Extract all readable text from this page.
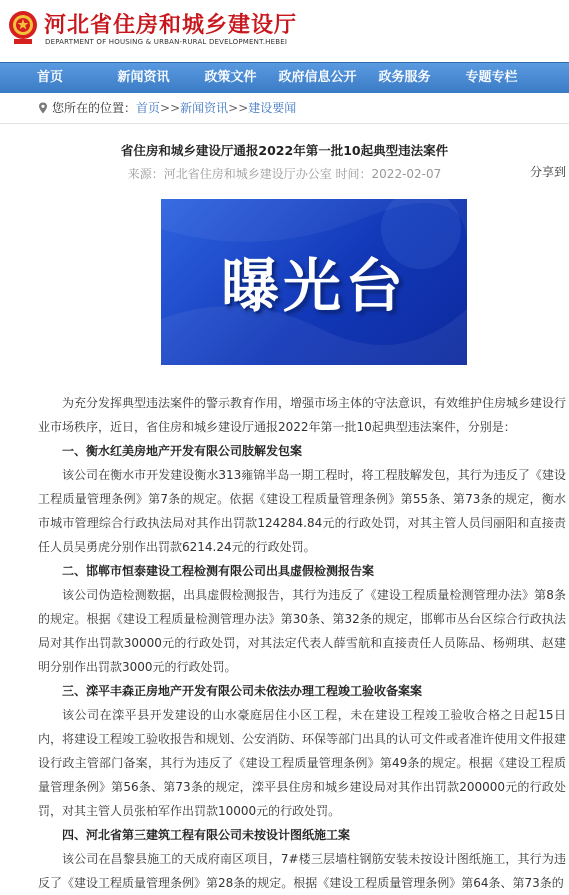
河北省住房和城乡建设厅
DEPARTMENT OF HOUSING & URBAN-RURAL DEVELOPMENT.HEBEI
首页	新闻资讯	政策文件	政府信息公开	政务服务	专题专栏
您所在的位置：首页>>新闻资讯>>建设要闻
省住房和城乡建设厅通报2022年第一批10起典型违法案件
来源：河北省住房和城乡建设厅办公室 时间：2022-02-07	分享到
曝光台

为充分发挥典型违法案件的警示教育作用，增强市场主体的守法意识，有效维护住房城乡建设行业市场秩序，近日，省住房和城乡建设厅通报2022年第一批10起典型违法案件，分别是：

一、衡水红美房地产开发有限公司肢解发包案

该公司在衡水市开发建设衡水313雍锦半岛一期工程时，将工程肢解发包，其行为违反了《建设工程质量管理条例》第7条的规定。依据《建设工程质量管理条例》第55条、第73条的规定，衡水市城市管理综合行政执法局对其作出罚款124284.84元的行政处罚，对其主管人员闫丽阳和直接责任人员吴勇虎分别作出罚款6214.24元的行政处罚。

二、邯郸市恒泰建设工程检测有限公司出具虚假检测报告案

该公司伪造检测数据，出具虚假检测报告，其行为违反了《建设工程质量检测管理办法》第8条的规定。根据《建设工程质量检测管理办法》第30条、第32条的规定，邯郸市丛台区综合行政执法局对其作出罚款30000元的行政处罚，对其法定代表人薛雪航和直接责任人员陈品、杨朔琪、赵建明分别作出罚款3000元的行政处罚。

三、滦平丰森正房地产开发有限公司未依法办理工程竣工验收备案案

该公司在滦平县开发建设的山水豪庭居住小区工程，未在建设工程竣工验收合格之日起15日内，将建设工程竣工验收报告和规划、公安消防、环保等部门出具的认可文件或者准许使用文件报建设行政主管部门备案，其行为违反了《建设工程质量管理条例》第49条的规定。根据《建设工程质量管理条例》第56条、第73条的规定，滦平县住房和城乡建设局对其作出罚款200000元的行政处罚，对其主管人员张柏军作出罚款10000元的行政处罚。

四、河北省第三建筑工程有限公司未按设计图纸施工案

该公司在昌黎县施工的天成府南区项目，7#楼三层墙柱钢筋安装未按设计图纸施工，其行为违反了《建设工程质量管理条例》第28条的规定。根据《建设工程质量管理条例》第64条、第73条的
